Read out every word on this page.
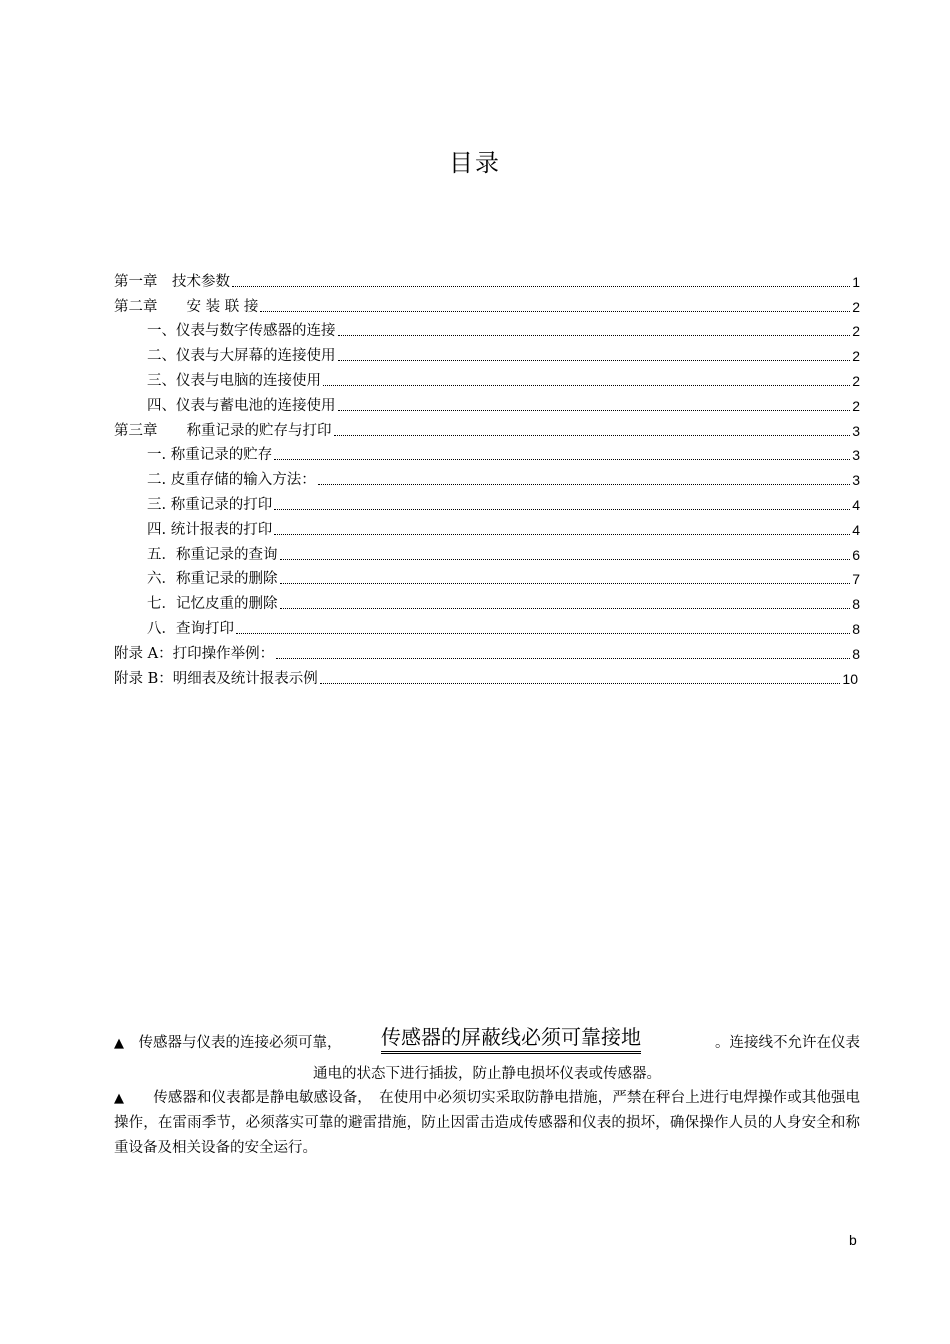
目录
第一章　技术参数	1
第二章　　安 装 联 接	2
一、仪表与数字传感器的连接	2
二、仪表与大屏幕的连接使用	2
三、仪表与电脑的连接使用	2
四、仪表与蓄电池的连接使用	2
第三章　　称重记录的贮存与打印	3
一. 称重记录的贮存	3
二. 皮重存储的输入方法：	3
三. 称重记录的打印	4
四. 统计报表的打印	4
五．称重记录的查询	6
六．称重记录的删除	7
七．记忆皮重的删除	8
八．查询打印	8
附录 A：打印操作举例：	8
附录 B：明细表及统计报表示例	10
▲　 传感器与仪表的连接必须可靠， 传感器的屏蔽线必须可靠接地	。连接线不允许在仪表
通电的状态下进行插拔，防止静电损坏仪表或传感器。
▲　　 传感器和仪表都是静电敏感设备，　在使用中必须切实采取防静电措施，严禁在秤台上进行电焊操作或其他强电操作，在雷雨季节，必须落实可靠的避雷措施，防止因雷击造成传感器和仪表的损坏，确保操作人员的人身安全和称重设备及相关设备的安全运行。
b
